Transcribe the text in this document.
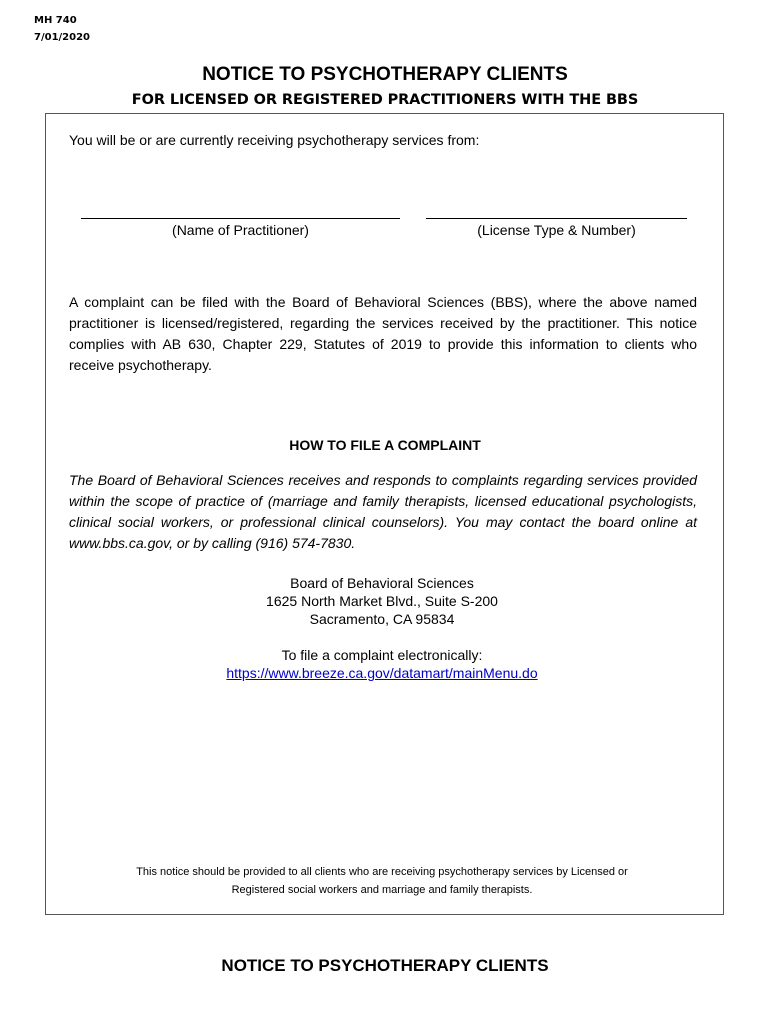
MH 740
7/01/2020
NOTICE TO PSYCHOTHERAPY CLIENTS
FOR LICENSED OR REGISTERED PRACTITIONERS WITH THE BBS
You will be or are currently receiving psychotherapy services from:
(Name of Practitioner)	(License Type & Number)
A complaint can be filed with the Board of Behavioral Sciences (BBS), where the above named practitioner is licensed/registered, regarding the services received by the practitioner. This notice complies with AB 630, Chapter 229, Statutes of 2019 to provide this information to clients who receive psychotherapy.
HOW TO FILE A COMPLAINT
The Board of Behavioral Sciences receives and responds to complaints regarding services provided within the scope of practice of (marriage and family therapists, licensed educational psychologists, clinical social workers, or professional clinical counselors). You may contact the board online at www.bbs.ca.gov, or by calling (916) 574-7830.
Board of Behavioral Sciences
1625 North Market Blvd., Suite S-200
Sacramento, CA 95834
To file a complaint electronically:
https://www.breeze.ca.gov/datamart/mainMenu.do
This notice should be provided to all clients who are receiving psychotherapy services by Licensed or
Registered social workers and marriage and family therapists.
NOTICE TO PSYCHOTHERAPY CLIENTS
